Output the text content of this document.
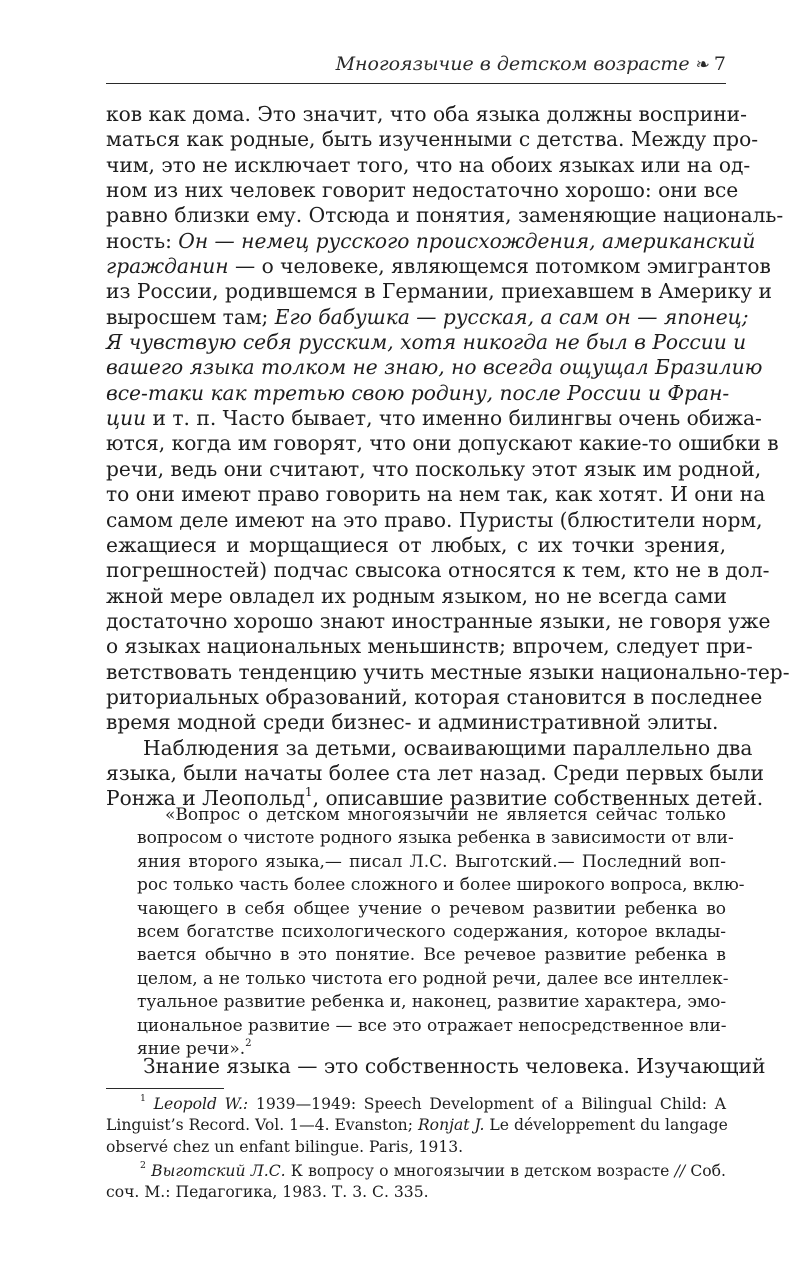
Многоязычие в детском возрасте ❧ 7

ков как дома. Это значит, что оба языка должны восприни-
маться как родные, быть изученными с детства. Между про-
чим, это не исключает того, что на обоих языках или на од-
ном из них человек говорит недостаточно хорошо: они все
равно близки ему. Отсюда и понятия, заменяющие националь-
ность: Он — немец русского происхождения, американский
гражданин — о человеке, являющемся потомком эмигрантов
из России, родившемся в Германии, приехавшем в Америку и
выросшем там; Его бабушка — русская, а сам он — японец;
Я чувствую себя русским, хотя никогда не был в России и
вашего языка толком не знаю, но всегда ощущал Бразилию
все-таки как третью свою родину, после России и Фран-
ции и т. п. Часто бывает, что именно билингвы очень обижа-
ются, когда им говорят, что они допускают какие-то ошибки в
речи, ведь они считают, что поскольку этот язык им родной,
то они имеют право говорить на нем так, как хотят. И они на
самом деле имеют на это право. Пуристы (блюстители норм,
ежащиеся и морщащиеся от любых, с их точки зрения,
погрешностей) подчас свысока относятся к тем, кто не в дол-
жной мере овладел их родным языком, но не всегда сами
достаточно хорошо знают иностранные языки, не говоря уже
о языках национальных меньшинств; впрочем, следует при-
ветствовать тенденцию учить местные языки национально-тер-
риториальных образований, которая становится в последнее
время модной среди бизнес- и административной элиты.

Наблюдения за детьми, осваивающими параллельно два
языка, были начаты более ста лет назад. Среди первых были
Ронжа и Леопольд$^1$, описавшие развитие собственных детей.

«Вопрос о детском многоязычии не является сейчас только
вопросом о чистоте родного языка ребенка в зависимости от вли-
яния второго языка,— писал Л.С. Выготский.— Последний воп-
рос только часть более сложного и более широкого вопроса, вклю-
чающего в себя общее учение о речевом развитии ребенка во
всем богатстве психологического содержания, которое вклады-
вается обычно в это понятие. Все речевое развитие ребенка в
целом, а не только чистота его родной речи, далее все интеллек-
туальное развитие ребенка и, наконец, развитие характера, эмо-
циональное развитие — все это отражает непосредственное вли-
яние речи».$^2$
Знание языка — это собственность человека. Изучающий
$^1$ Leopold W.: 1939—1949: Speech Development of a Bilingual Child: A
Linguist’s Record. Vol. 1—4. Evanston; Ronjat J. Le développement du langage
observé chez un enfant bilingue. Paris, 1913.
$^2$ Выготский Л.С. К вопросу о многоязычии в детском возрасте // Соб.
соч. М.: Педагогика, 1983. Т. 3. С. 335.
